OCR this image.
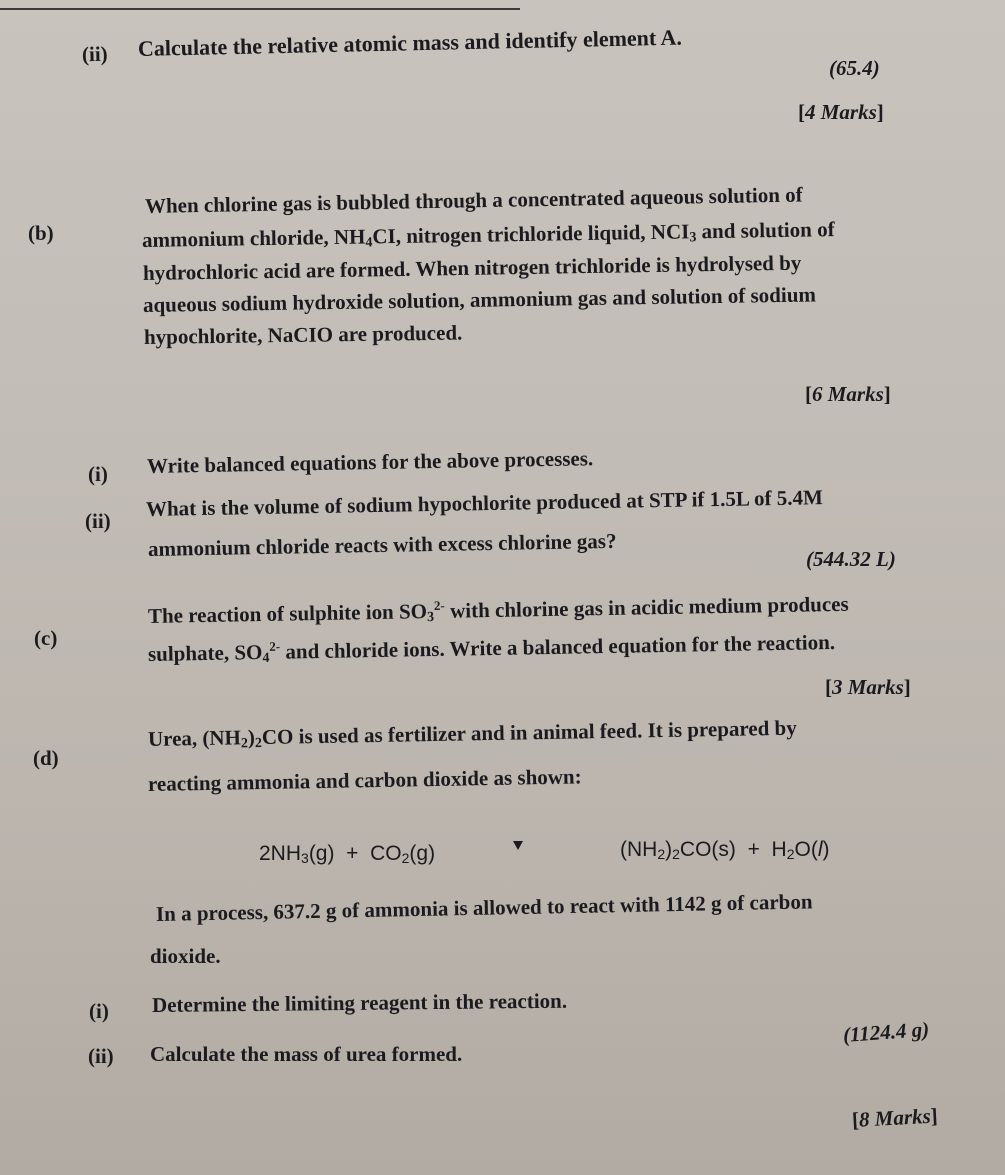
(ii) Calculate the relative atomic mass and identify element A.
(65.4)
[4 Marks]
(b)
When chlorine gas is bubbled through a concentrated aqueous solution of
ammonium chloride, $NH_4CI$, nitrogen trichloride liquid, $NCI_3$ and solution of
hydrochloric acid are formed. When nitrogen trichloride is hydrolysed by
aqueous sodium hydroxide solution, ammonium gas and solution of sodium
hypochlorite, NaCIO are produced.
[6 Marks]
(i) Write balanced equations for the above processes.
(ii)
What is the volume of sodium hypochlorite produced at STP if 1.5L of 5.4M
ammonium chloride reacts with excess chlorine gas?	(544.32 L)
(c)
The reaction of sulphite ion $SO_3^{2-}$ with chlorine gas in acidic medium produces
sulphate, $SO_4^{2-}$ and chloride ions. Write a balanced equation for the reaction.
[3 Marks]
(d)
Urea, $(NH_2)_2CO$ is used as fertilizer and in animal feed. It is prepared by
reacting ammonia and carbon dioxide as shown:
$2NH_3(g) + CO_2(g)$	$(NH_2)_2CO(s) + H_2O(l)$
In a process, 637.2 g of ammonia is allowed to react with 1142 g of carbon
dioxide.
(i) Determine the limiting reagent in the reaction.
(1124.4 g)
(ii) Calculate the mass of urea formed.
[8 Marks]
